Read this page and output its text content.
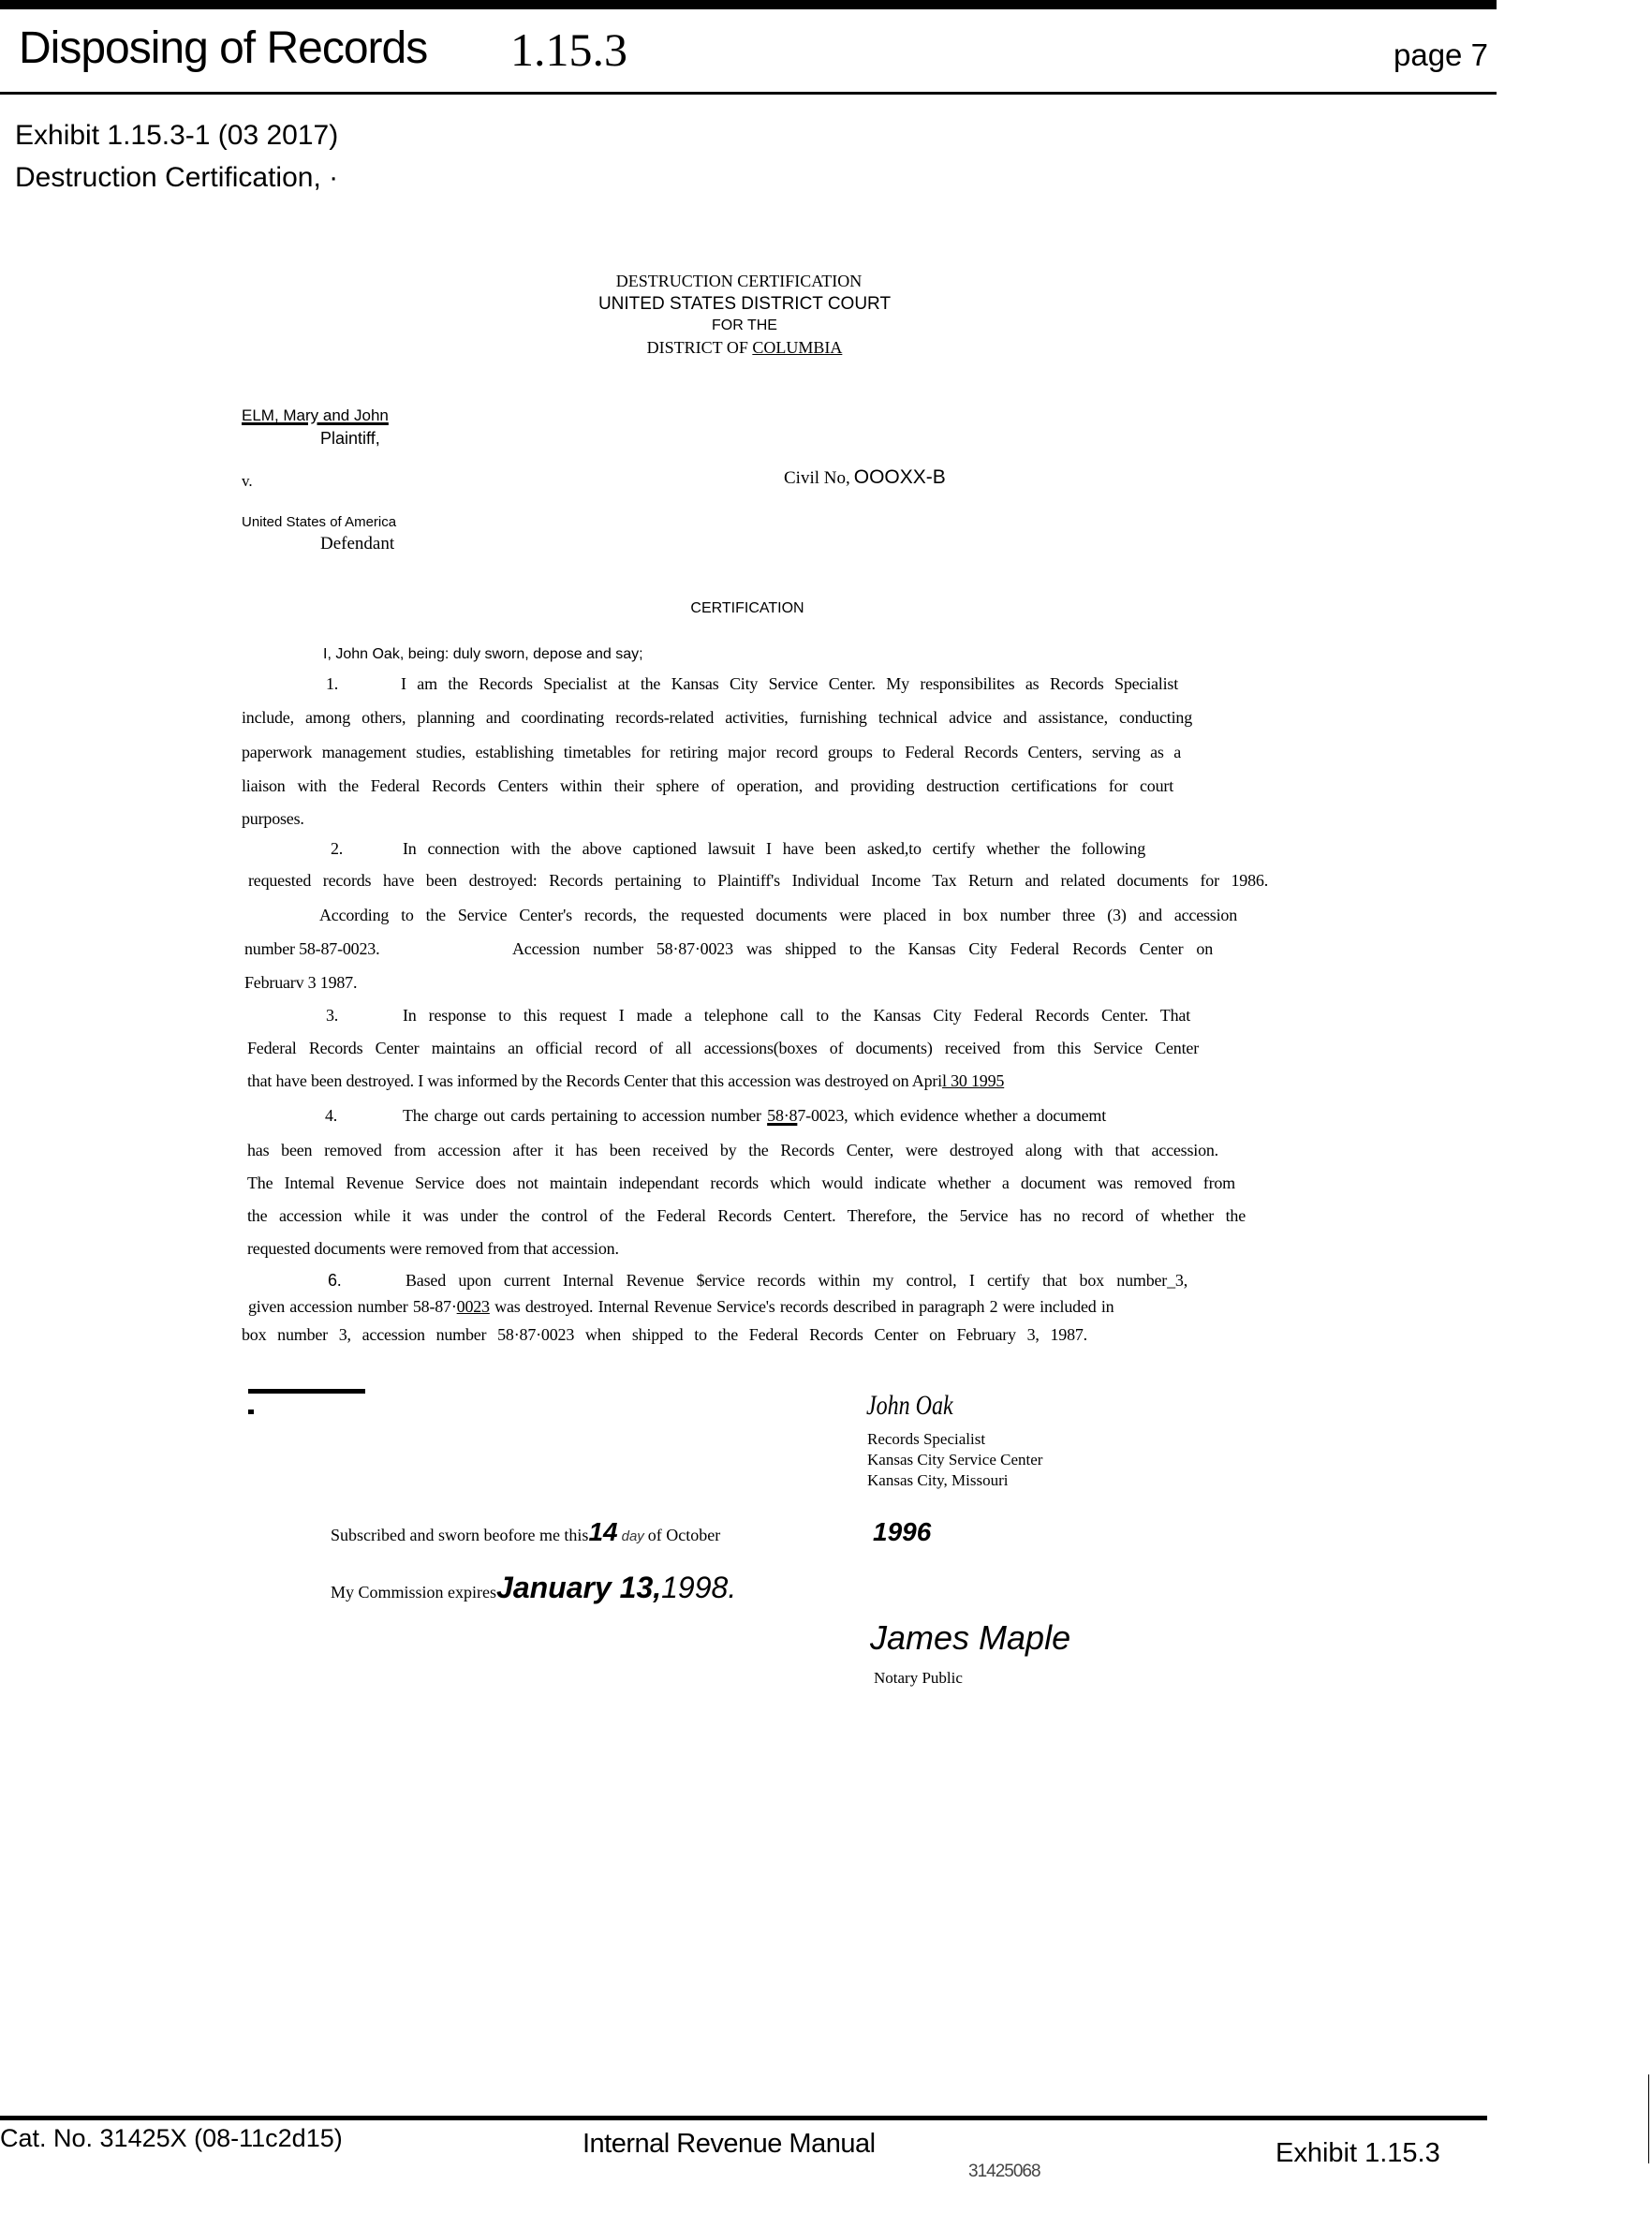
Disposing of Records 1.15.3	page 7
Exhibit 1.15.3-1 (03 2017)
Destruction Certification, ·
DESTRUCTION CERTIFICATION
UNITED STATES DISTRICT COURT
FOR THE
DISTRICT OF COLUMBIA
ELM, Mary and John
Plaintiff,
v.	Civil No, OOOXX-B
United States of America
Defendant
CERTIFICATION
I, John Oak, being: duly sworn, depose and say;
1.	I am the Records Specialist at the Kansas City Service Center. My responsibilites as Records Specialist
include, among others, planning and coordinating records-related activities, furnishing technical advice and assistance, conducting
paperwork management studies, establishing timetables for retiring major record groups to Federal Records Centers, serving as a
liaison with the Federal Records Centers within their sphere of operation, and providing destruction certifications for court
purposes.
2.	In connection with the above captioned lawsuit I have been asked,to certify whether the following
requested records have been destroyed: Records pertaining to Plaintiff's Individual Income Tax Return and related documents for 1986.
According to the Service Center's records, the requested documents were placed in box number three (3) and accession
number 58-87-0023.	Accession number 58·87·0023 was shipped to the Kansas City Federal Records Center on
Februarv 3 1987.
3.	In response to this request I made a telephone call to the Kansas City Federal Records Center. That
Federal Records Center maintains an official record of all accessions(boxes of documents) received from this Service Center
that have been destroyed. I was informed by the Records Center that this accession was destroyed on April 30 1995
4.	The charge out cards pertaining to accession number 58·87-0023, which evidence whether a documemt
has been removed from accession after it has been received by the Records Center, were destroyed along with that accession.
The Intemal Revenue Service does not maintain independant records which would indicate whether a document was removed from
the accession while it was under the control of the Federal Records Centert. Therefore, the 5ervice has no record of whether the
requested documents were removed from that accession.
6.	Based upon current Internal Revenue $ervice records within my control, I certify that box number_3,
given accession number 58-87·0023 was destroyed. Internal Revenue Service's records described in paragraph 2 were included in
box number 3, accession number 58·87·0023 when shipped to the Federal Records Center on February 3, 1987.
John Oak
Records Specialist
Kansas City Service Center
Kansas City, Missouri
Subscribed and sworn beofore me this14 day of October	1996
My Commission expiresJanuary 13,1998.
James Maple
Notary Public
Cat. No. 31425X (08-11c2d15)	Internal Revenue Manual
31425068
Exhibit 1.15.3
